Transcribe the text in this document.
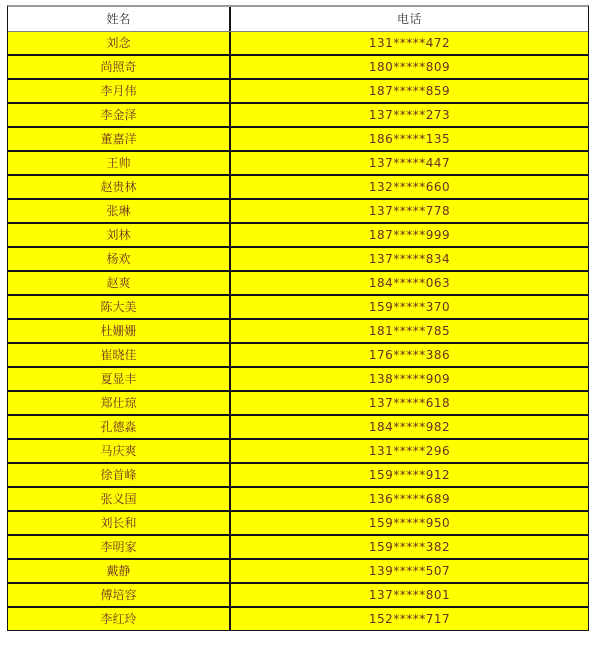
姓名	电话
刘念	131*****472
尚照奇	180*****809
李月伟	187*****859
李金泽	137*****273
董嘉洋	186*****135
王帅	137*****447
赵贵林	132*****660
张琳	137*****778
刘林	187*****999
杨欢	137*****834
赵爽	184*****063
陈大美	159*****370
杜姗姗	181*****785
崔晓佳	176*****386
夏显丰	138*****909
郑仕琼	137*****618
孔德淼	184*****982
马庆爽	131*****296
徐首峰	159*****912
张义国	136*****689
刘长和	159*****950
李明家	159*****382
戴静	139*****507
傅培容	137*****801
李红玲	152*****717
